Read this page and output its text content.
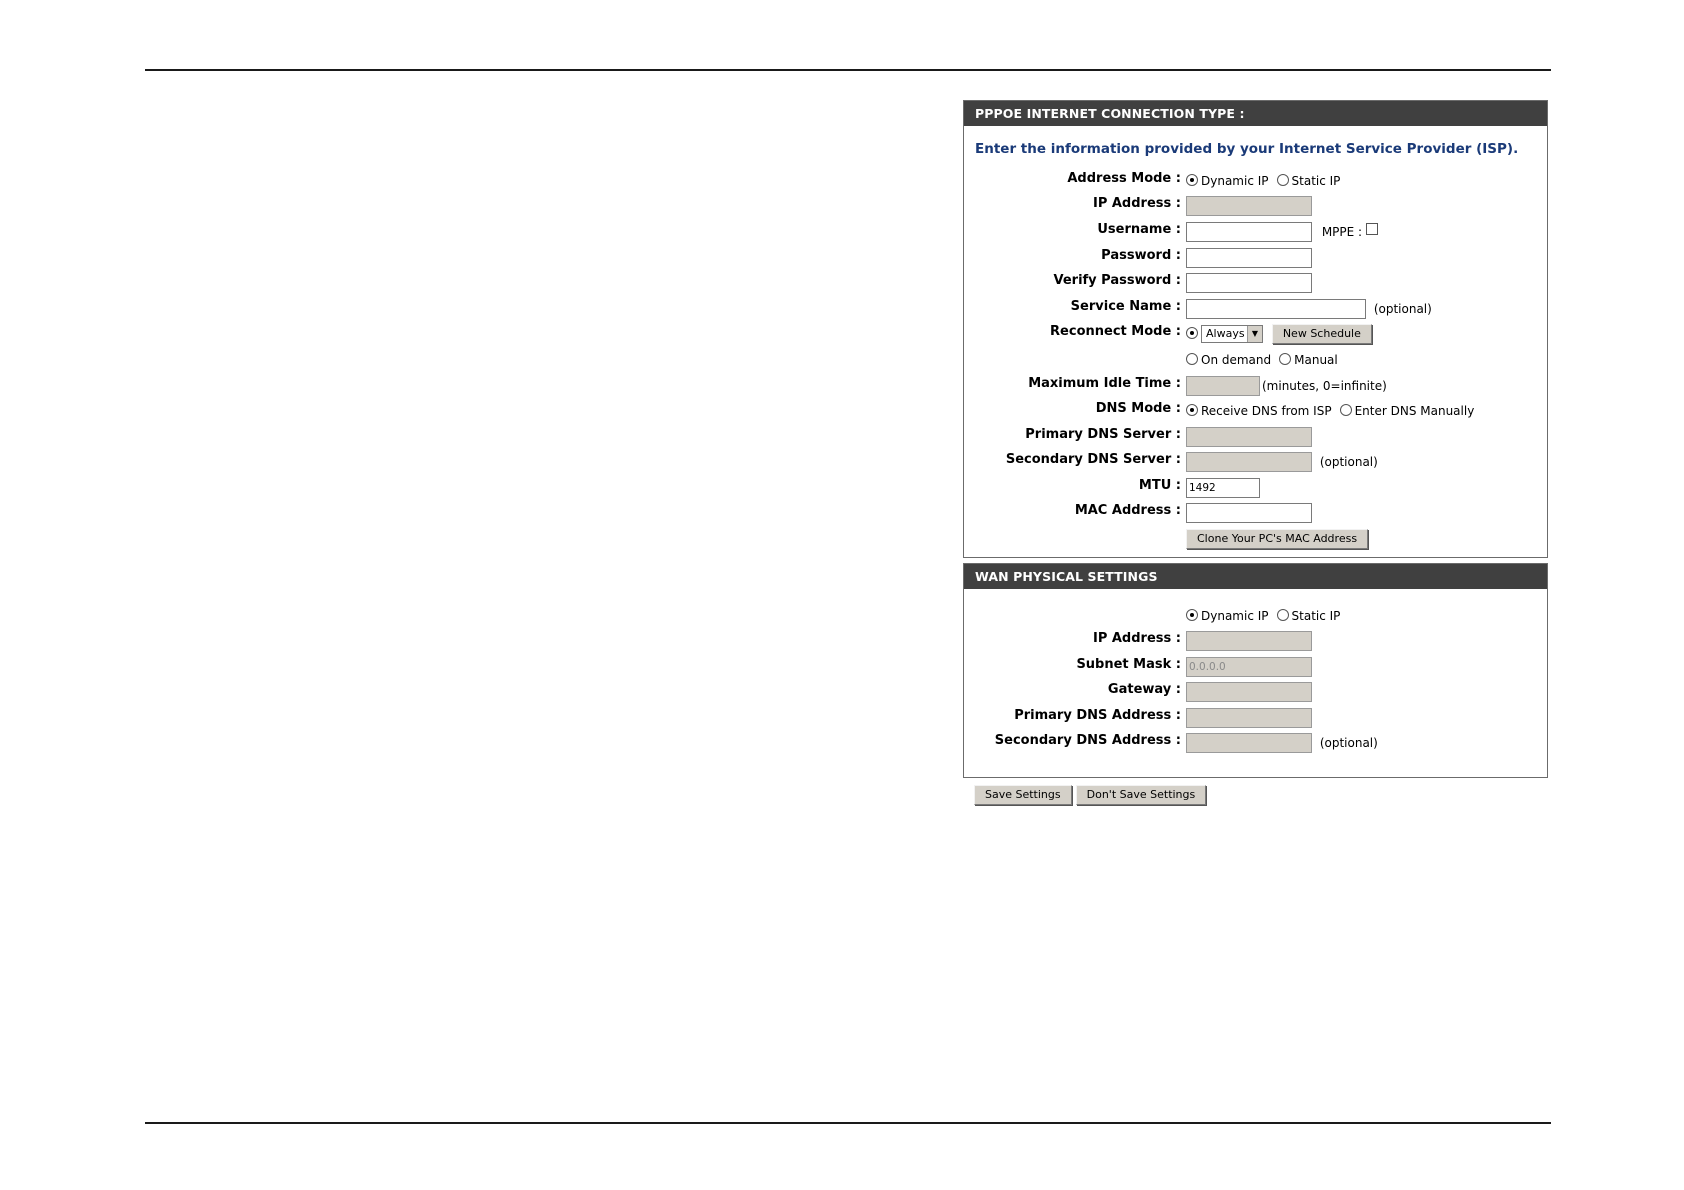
PPPOE INTERNET CONNECTION TYPE :
Enter the information provided by your Internet Service Provider (ISP).
Address Mode :	Dynamic IP Static IP
IP Address :
Username :	MPPE :
Password :
Verify Password :
Service Name :	(optional)
Reconnect Mode :	Always ▼	New Schedule
On demand Manual
Maximum Idle Time :	(minutes, 0=infinite)
DNS Mode :	Receive DNS from ISP Enter DNS Manually
Primary DNS Server :
Secondary DNS Server :	(optional)
MTU :	1492
MAC Address :
Clone Your PC's MAC Address
WAN PHYSICAL SETTINGS
Dynamic IP Static IP
IP Address :
Subnet Mask :	0.0.0.0
Gateway :
Primary DNS Address :
Secondary DNS Address :	(optional)
Save Settings Don't Save Settings
